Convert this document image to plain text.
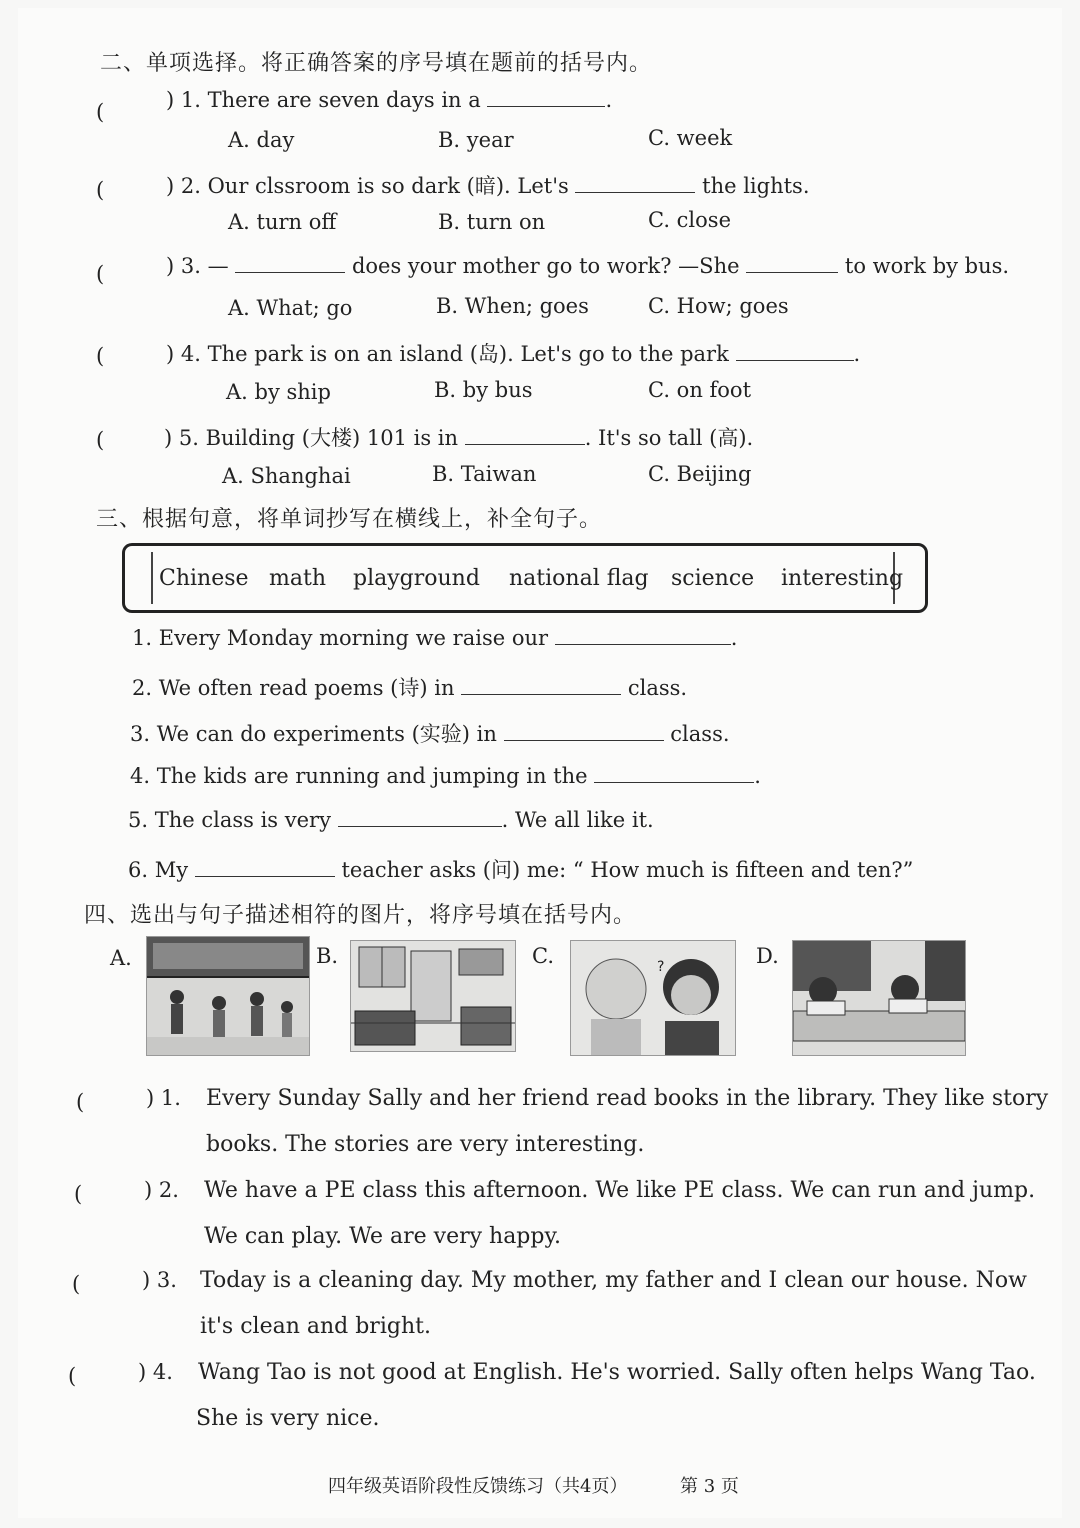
二、单项选择。将正确答案的序号填在题前的括号内。
(	) 1. There are seven days in a	.
A. day	B. year	C. week
(	) 2. Our clssroom is so dark (暗). Let's	the lights.
A. turn off	B. turn on	C. close
(	) 3. —	does your mother go to work? —She	to work by bus.
A. What; go	B. When; goes	C. How; goes
(	) 4. The park is on an island (岛). Let's go to the park	.
A. by ship	B. by bus	C. on foot
(	) 5. Building (大楼) 101 is in	. It's so tall (高).
A. Shanghai	B. Taiwan	C. Beijing
三、根据句意，将单词抄写在横线上，补全句子。
Chinese math playground national flag science interesting
1. Every Monday morning we raise our	.
2. We often read poems (诗) in	class.
3. We can do experiments (实验) in	class.
4. The kids are running and jumping in the	.
5. The class is very	. We all like it.
6. My	teacher asks (问) me: “ How much is fifteen and ten?”
四、选出与句子描述相符的图片，将序号填在括号内。
A.	B.	C.	D.
?
(	) 1. Every Sunday Sally and her friend read books in the library. They like story
books. The stories are very interesting.
(	) 2. We have a PE class this afternoon. We like PE class. We can run and jump.
We can play. We are very happy.
(	) 3. Today is a cleaning day. My mother, my father and I clean our house. Now
it's clean and bright.
(	) 4. Wang Tao is not good at English. He's worried. Sally often helps Wang Tao.
She is very nice.
四年级英语阶段性反馈练习（共4页）	第 3 页
